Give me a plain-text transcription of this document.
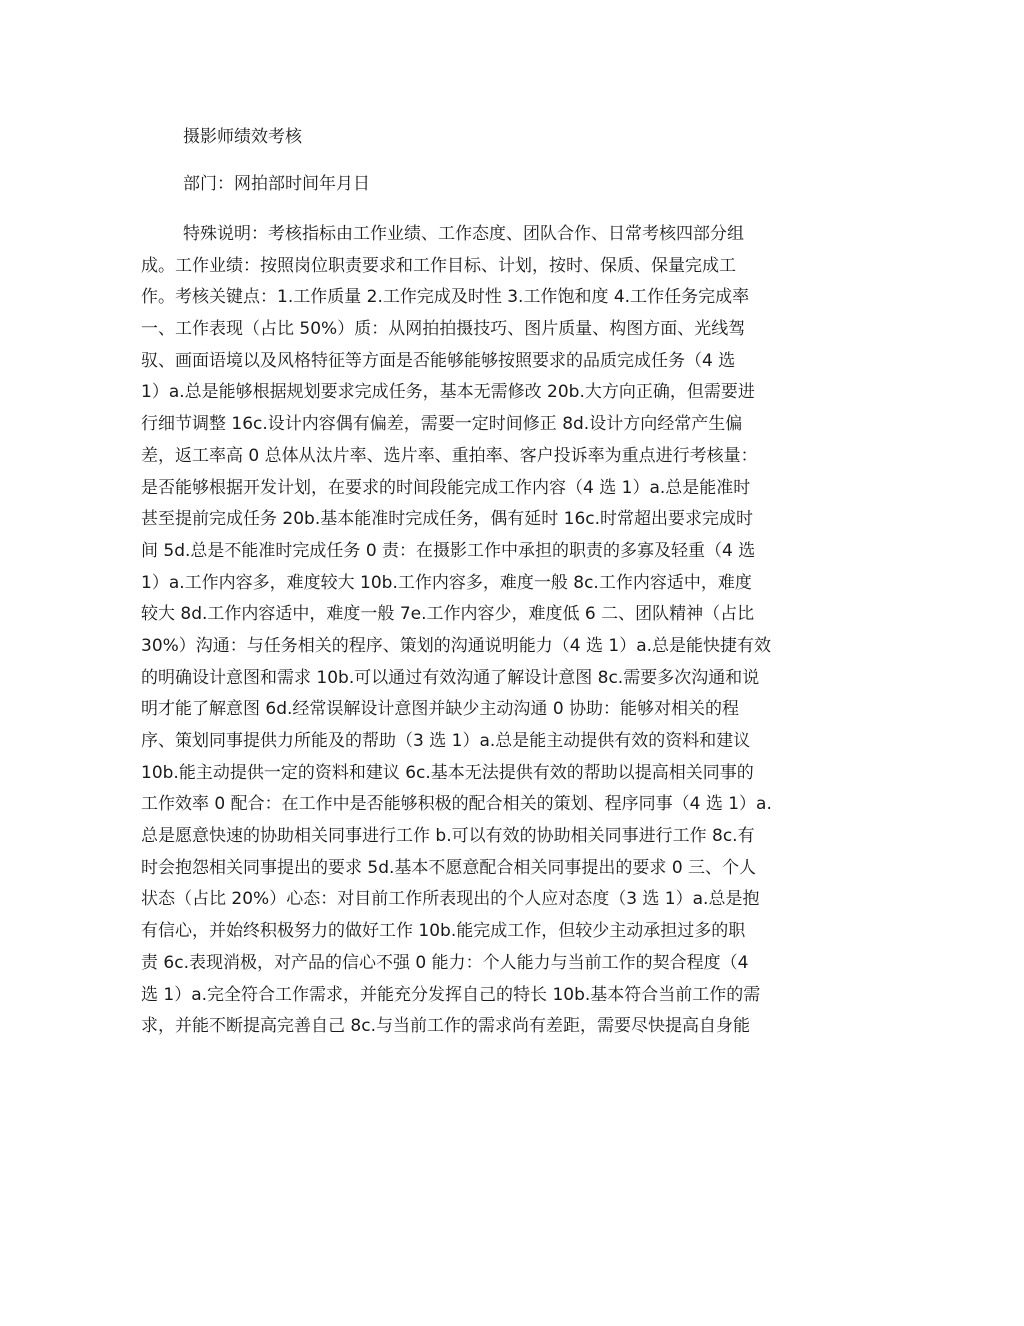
摄影师绩效考核
部门：网拍部时间年月日
特殊说明：考核指标由工作业绩、工作态度、团队合作、日常考核四部分组
成。工作业绩：按照岗位职责要求和工作目标、计划，按时、保质、保量完成工
作。考核关键点：1.工作质量 2.工作完成及时性 3.工作饱和度 4.工作任务完成率
一、工作表现（占比 50%）质：从网拍拍摄技巧、图片质量、构图方面、光线驾
驭、画面语境以及风格特征等方面是否能够能够按照要求的品质完成任务（4 选
1）a.总是能够根据规划要求完成任务，基本无需修改 20b.大方向正确，但需要进
行细节调整 16c.设计内容偶有偏差，需要一定时间修正 8d.设计方向经常产生偏
差，返工率高 0 总体从汰片率、选片率、重拍率、客户投诉率为重点进行考核量：
是否能够根据开发计划，在要求的时间段能完成工作内容（4 选 1）a.总是能准时
甚至提前完成任务 20b.基本能准时完成任务，偶有延时 16c.时常超出要求完成时
间 5d.总是不能准时完成任务 0 责：在摄影工作中承担的职责的多寡及轻重（4 选
1）a.工作内容多，难度较大 10b.工作内容多，难度一般 8c.工作内容适中，难度
较大 8d.工作内容适中，难度一般 7e.工作内容少，难度低 6 二、团队精神（占比
30%）沟通：与任务相关的程序、策划的沟通说明能力（4 选 1）a.总是能快捷有效
的明确设计意图和需求 10b.可以通过有效沟通了解设计意图 8c.需要多次沟通和说
明才能了解意图 6d.经常误解设计意图并缺少主动沟通 0 协助：能够对相关的程
序、策划同事提供力所能及的帮助（3 选 1）a.总是能主动提供有效的资料和建议
10b.能主动提供一定的资料和建议 6c.基本无法提供有效的帮助以提高相关同事的
工作效率 0 配合：在工作中是否能够积极的配合相关的策划、程序同事（4 选 1）a.
总是愿意快速的协助相关同事进行工作 b.可以有效的协助相关同事进行工作 8c.有
时会抱怨相关同事提出的要求 5d.基本不愿意配合相关同事提出的要求 0 三、个人
状态（占比 20%）心态：对目前工作所表现出的个人应对态度（3 选 1）a.总是抱
有信心，并始终积极努力的做好工作 10b.能完成工作，但较少主动承担过多的职
责 6c.表现消极，对产品的信心不强 0 能力：个人能力与当前工作的契合程度（4
选 1）a.完全符合工作需求，并能充分发挥自己的特长 10b.基本符合当前工作的需
求，并能不断提高完善自己 8c.与当前工作的需求尚有差距，需要尽快提高自身能
